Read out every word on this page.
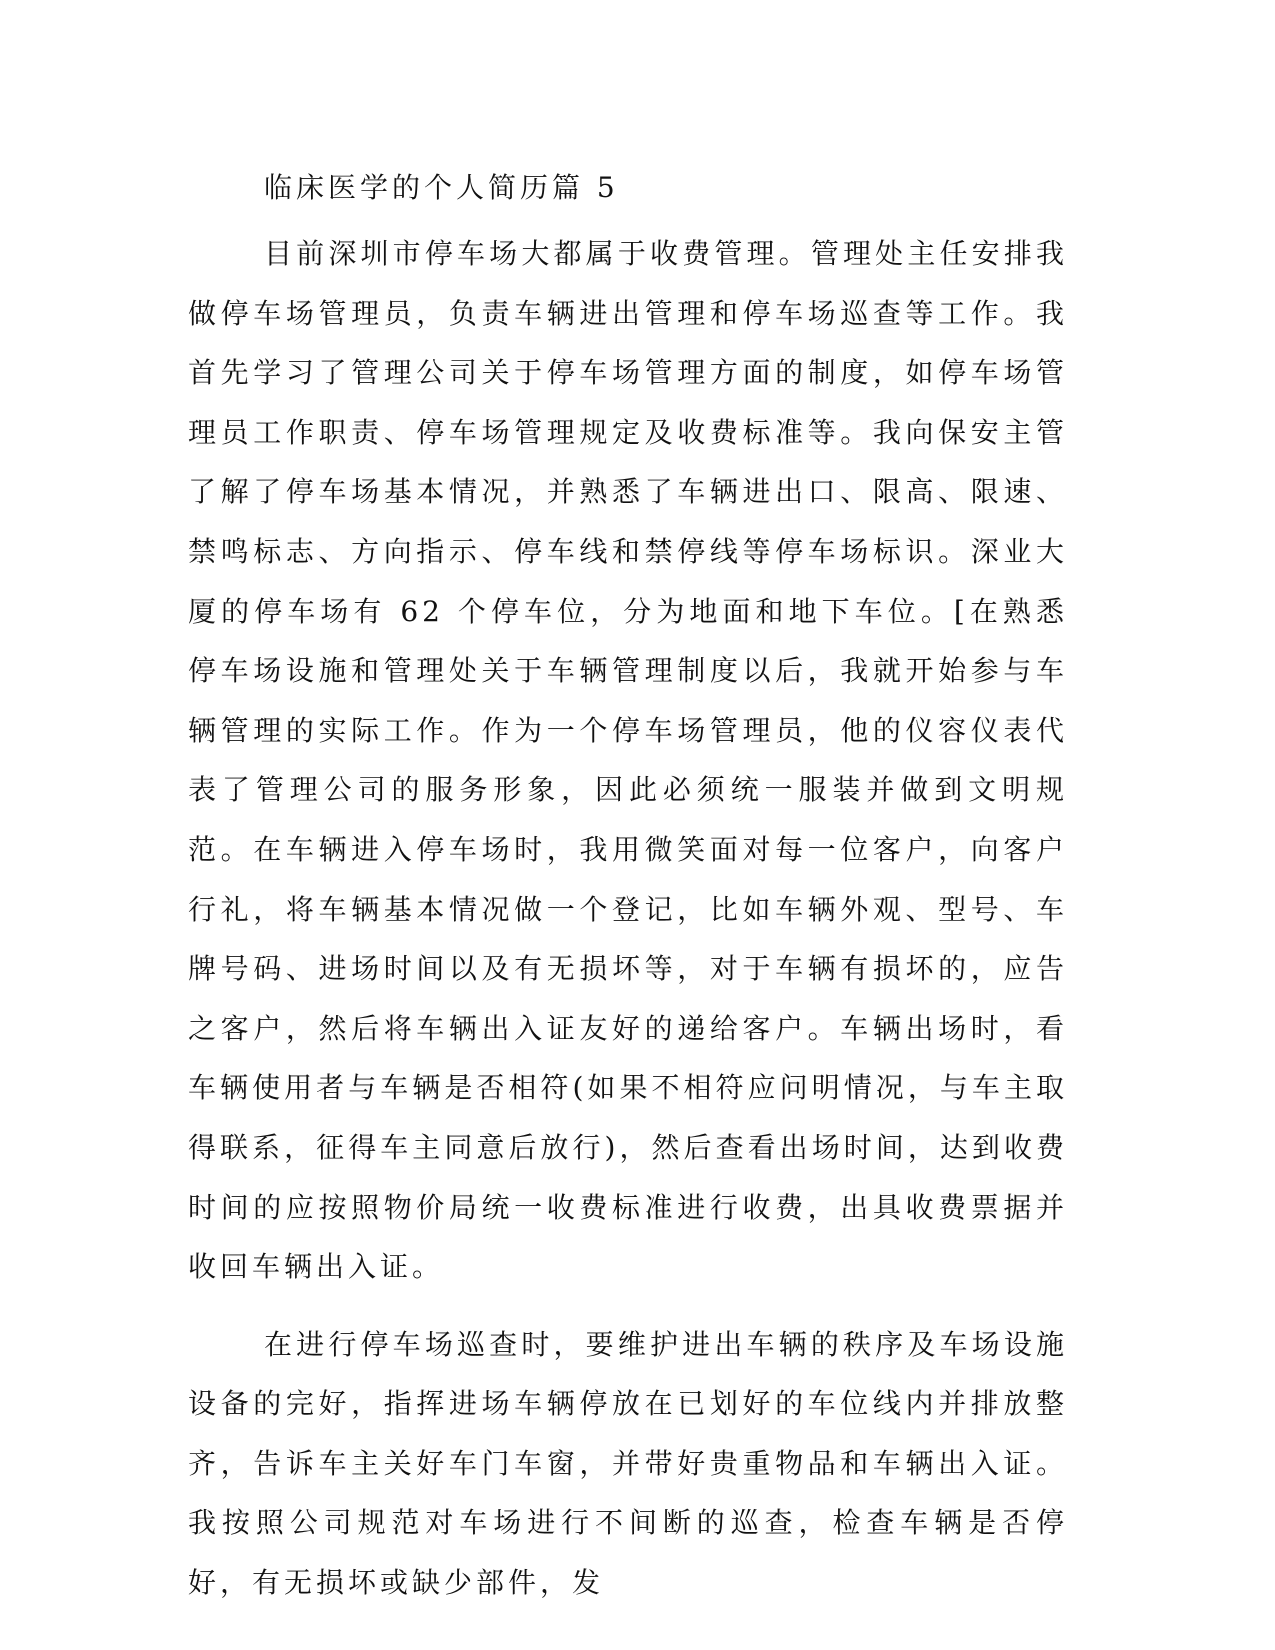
临床医学的个人简历篇 5

目前深圳市停车场大都属于收费管理。管理处主任安排我做停车场管理员，负责车辆进出管理和停车场巡查等工作。我首先学习了管理公司关于停车场管理方面的制度，如停车场管理员工作职责、停车场管理规定及收费标准等。我向保安主管了解了停车场基本情况，并熟悉了车辆进出口、限高、限速、禁鸣标志、方向指示、停车线和禁停线等停车场标识。深业大厦的停车场有 62 个停车位，分为地面和地下车位。[在熟悉停车场设施和管理处关于车辆管理制度以后，我就开始参与车辆管理的实际工作。作为一个停车场管理员，他的仪容仪表代表了管理公司的服务形象，因此必须统一服装并做到文明规范。在车辆进入停车场时，我用微笑面对每一位客户，向客户行礼，将车辆基本情况做一个登记，比如车辆外观、型号、车牌号码、进场时间以及有无损坏等，对于车辆有损坏的，应告之客户，然后将车辆出入证友好的递给客户。车辆出场时，看车辆使用者与车辆是否相符(如果不相符应问明情况，与车主取得联系，征得车主同意后放行)，然后查看出场时间，达到收费时间的应按照物价局统一收费标准进行收费，出具收费票据并收回车辆出入证。

在进行停车场巡查时，要维护进出车辆的秩序及车场设施设备的完好，指挥进场车辆停放在已划好的车位线内并排放整齐，告诉车主关好车门车窗，并带好贵重物品和车辆出入证。我按照公司规范对车场进行不间断的巡查，检查车辆是否停好，有无损坏或缺少部件，发
